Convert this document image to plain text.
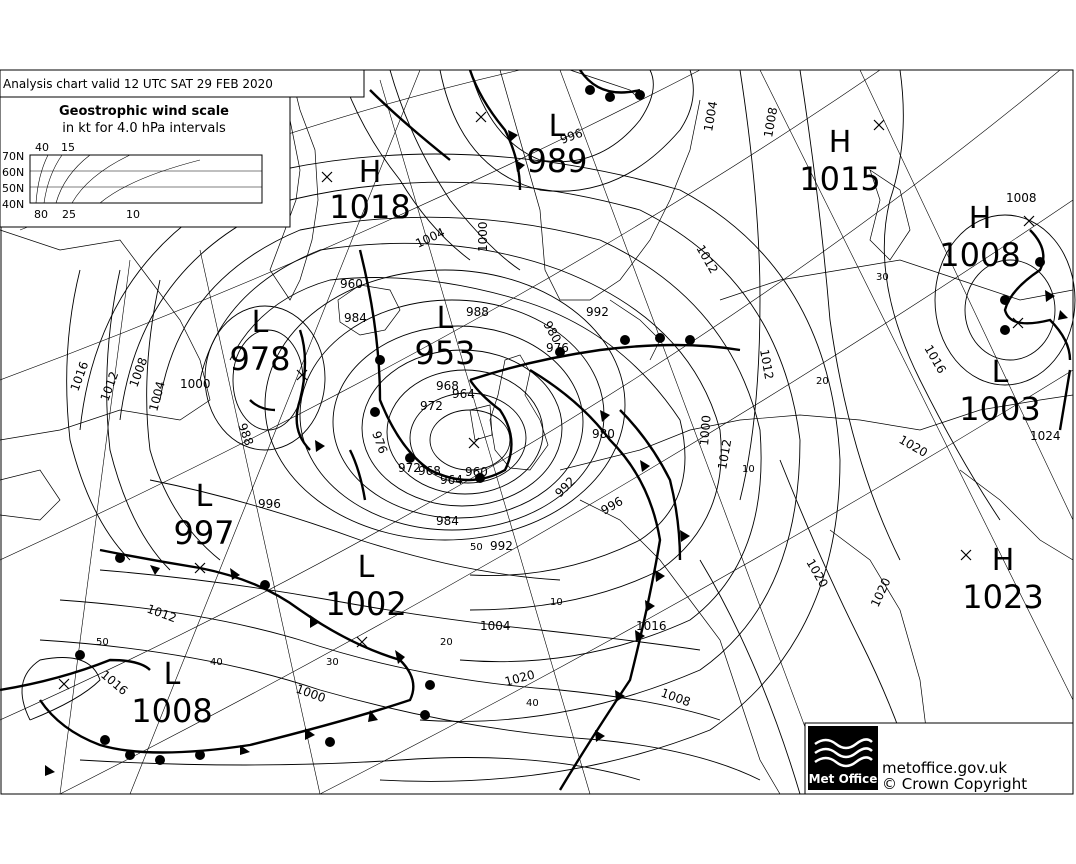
H
1018
L
989	H
1015
H
1008
L
978
L
953
L
1003
L
997
L
1002
H
1023
L
1008
1016 1012 1008
1004 1000
996
992
988
984
980
976
972
968
964
960
1020
1008
1004 1000
996
992
988
984
980
976
972
968
964
960
1012	1016
1020
1024
1012
1008
1004
1000
996
992
1012
1016
1020
1008
1012
1016	1020
1004
1000
50
40	30
20
10
40
30
20
10
50
Analysis chart valid 12 UTC SAT 29 FEB 2020
Geostrophic wind scale
in kt for 4.0 hPa intervals
40 15
70N
60N
50N
40N
80 25	10
Met Office
metoffice.gov.uk
© Crown Copyright
